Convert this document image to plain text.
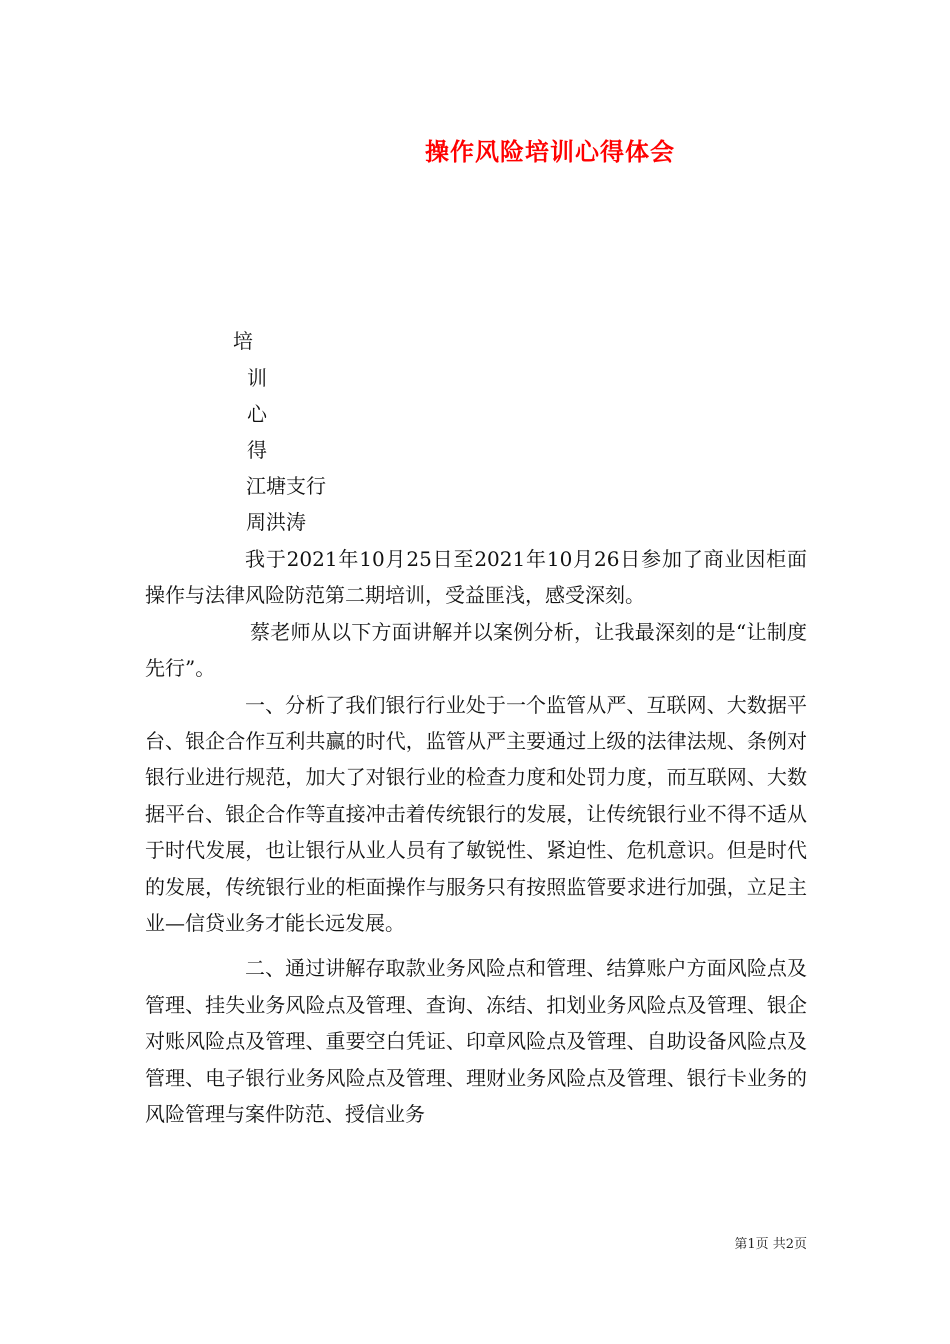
操作风险培训心得体会
培
训
心
得
江塘支行
周洪涛

我于2021年10月25日至2021年10月26日参加了商业因柜面操作与法律风险防范第二期培训，受益匪浅，感受深刻。

蔡老师从以下方面讲解并以案例分析，让我最深刻的是“让制度先行”。

一、分析了我们银行行业处于一个监管从严、互联网、大数据平台、银企合作互利共赢的时代，监管从严主要通过上级的法律法规、条例对银行业进行规范，加大了对银行业的检查力度和处罚力度，而互联网、大数据平台、银企合作等直接冲击着传统银行的发展，让传统银行业不得不适从于时代发展，也让银行从业人员有了敏锐性、紧迫性、危机意识。但是时代的发展，传统银行业的柜面操作与服务只有按照监管要求进行加强，立足主业—信贷业务才能长远发展。

二、通过讲解存取款业务风险点和管理、结算账户方面风险点及管理、挂失业务风险点及管理、查询、冻结、扣划业务风险点及管理、银企对账风险点及管理、重要空白凭证、印章风险点及管理、自助设备风险点及管理、电子银行业务风险点及管理、理财业务风险点及管理、银行卡业务的风险管理与案件防范、授信业务

第1页 共2页
